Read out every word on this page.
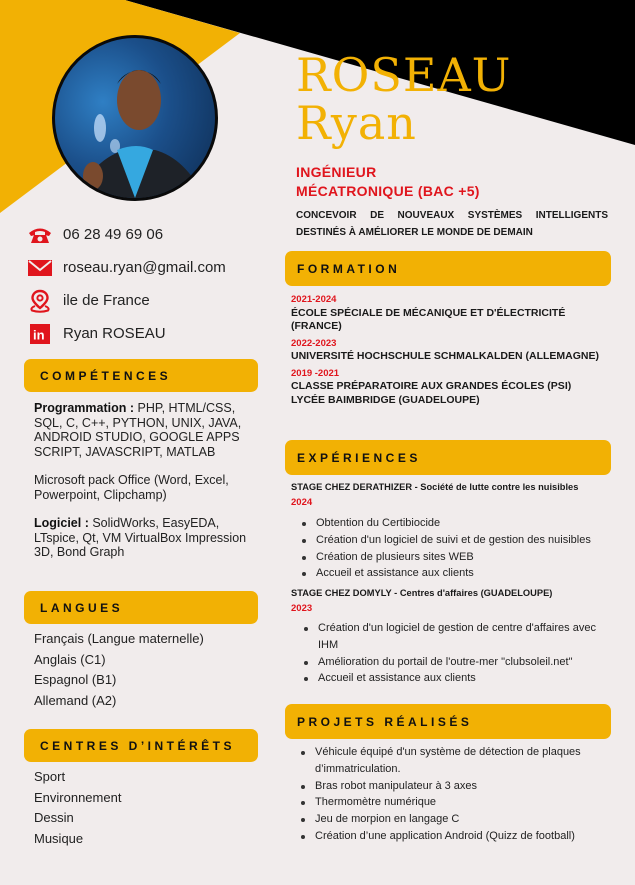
ROSEAU
Ryan
INGÉNIEUR
MÉCATRONIQUE (BAC +5)
CONCEVOIR DE NOUVEAUX SYSTÈMES INTELLIGENTS DESTINÉS À AMÉLIORER LE MONDE DE DEMAIN
06 28 49 69 06
roseau.ryan@gmail.com
ile de France
in Ryan ROSEAU
COMPÉTENCES
Programmation : PHP, HTML/CSS, SQL, C, C++, PYTHON, UNIX, JAVA, ANDROID STUDIO, GOOGLE APPS SCRIPT, JAVASCRIPT, MATLAB
Microsoft pack Office (Word, Excel, Powerpoint, Clipchamp)
Logiciel : SolidWorks, EasyEDA, LTspice, Qt, VM VirtualBox Impression 3D, Bond Graph
LANGUES
Français (Langue maternelle)
Anglais (C1)
Espagnol (B1)
Allemand (A2)
CENTRES D’INTÉRÊTS
Sport
Environnement
Dessin
Musique
FORMATION
2021-2024
ÉCOLE SPÉCIALE DE MÉCANIQUE ET D'ÉLECTRICITÉ (FRANCE)
2022-2023
UNIVERSITÉ HOCHSCHULE SCHMALKALDEN (ALLEMAGNE)
2019 -2021
CLASSE PRÉPARATOIRE AUX GRANDES ÉCOLES (PSI) LYCÉE BAIMBRIDGE (GUADELOUPE)
EXPÉRIENCES
STAGE CHEZ DERATHIZER - Société de lutte contre les nuisibles
2024
Obtention du Certibiocide
Création d'un logiciel de suivi et de gestion des nuisibles
Création de plusieurs sites WEB
Accueil et assistance aux clients
STAGE CHEZ DOMYLY - Centres d'affaires (GUADELOUPE)
2023
Création d'un logiciel de gestion de centre d'affaires avec IHM
Amélioration du portail de l'outre-mer "clubsoleil.net"
Accueil et assistance aux clients
PROJETS RÉALISÉS
Véhicule équipé d'un système de détection de plaques d’immatriculation.
Bras robot manipulateur à 3 axes
Thermomètre numérique
Jeu de morpion en langage C
Création d’une application Android (Quizz de football)
